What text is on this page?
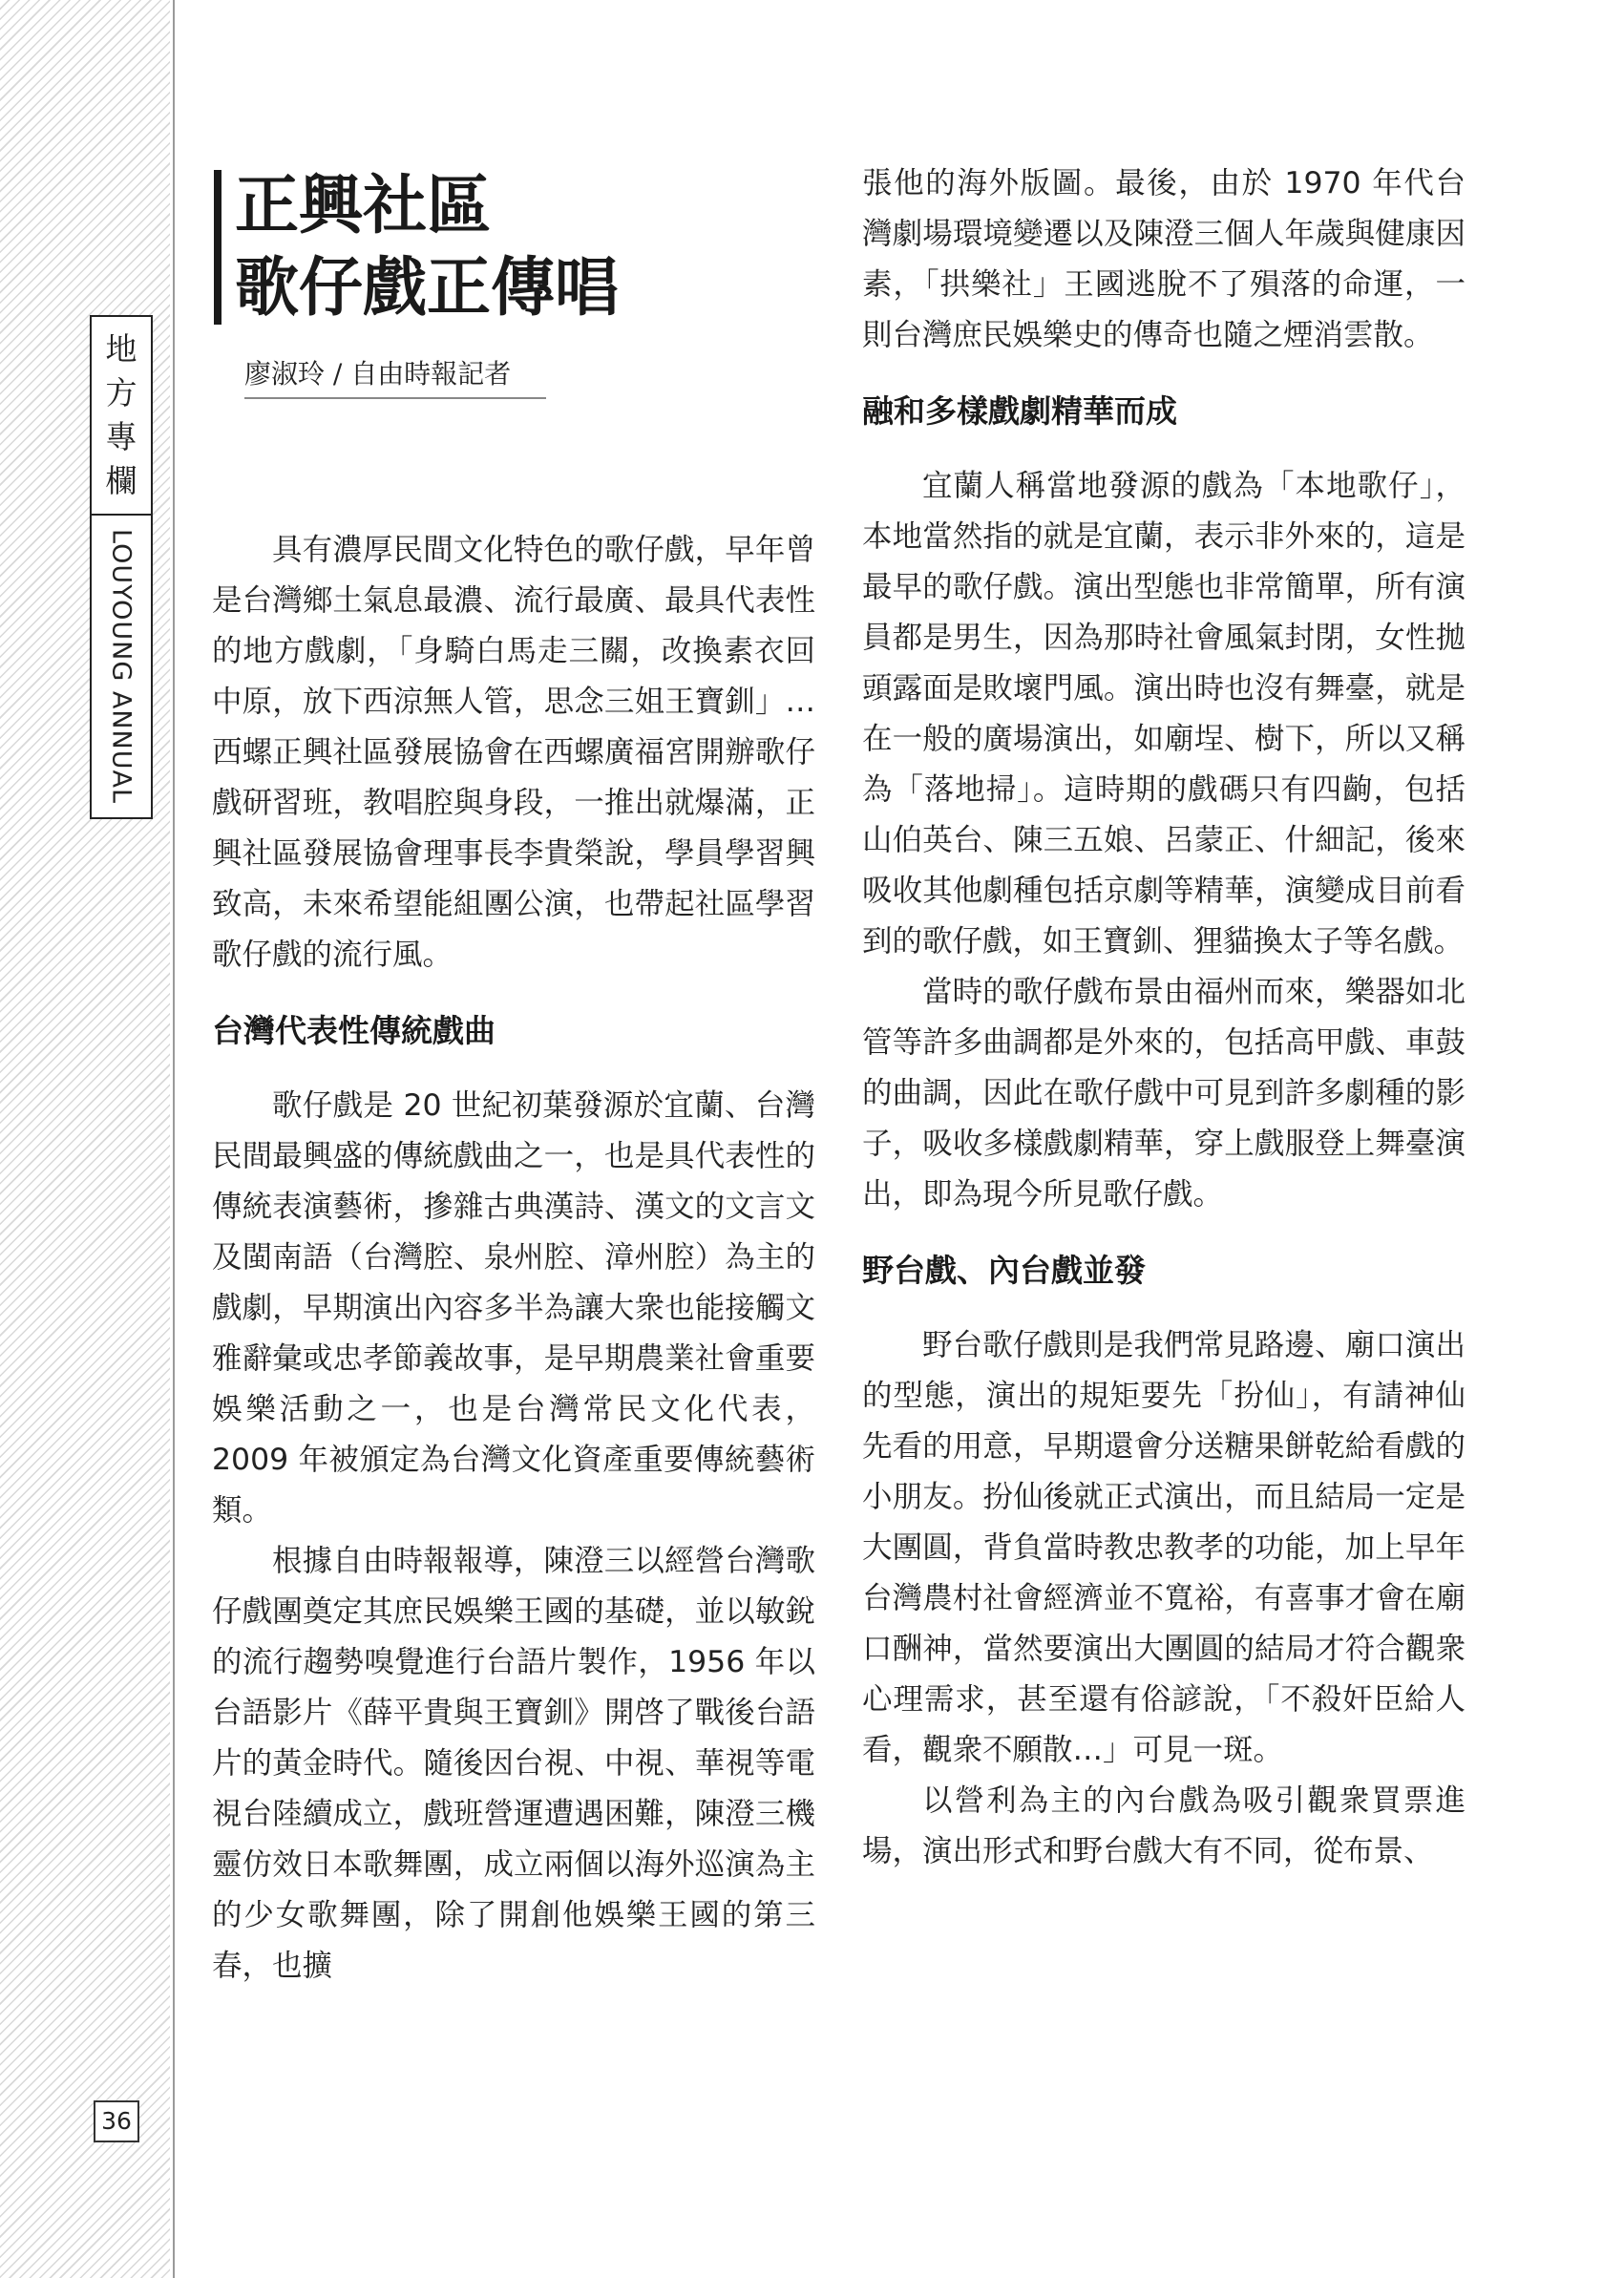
地
方
專
欄
LOUYOUNG ANNUAL
36
正興社區
歌仔戲正傳唱
廖淑玲 / 自由時報記者

具有濃厚民間文化特色的歌仔戲，早年曾是台灣鄉土氣息最濃、流行最廣、最具代表性的地方戲劇，「身騎白馬走三關，改換素衣回中原，放下西涼無人管，思念三姐王寶釧」…西螺正興社區發展協會在西螺廣福宮開辦歌仔戲研習班，教唱腔與身段，一推出就爆滿，正興社區發展協會理事長李貴榮說，學員學習興致高，未來希望能組團公演，也帶起社區學習歌仔戲的流行風。

台灣代表性傳統戲曲

歌仔戲是 20 世紀初葉發源於宜蘭、台灣民間最興盛的傳統戲曲之一，也是具代表性的傳統表演藝術，摻雜古典漢詩、漢文的文言文及閩南語（台灣腔、泉州腔、漳州腔）為主的戲劇，早期演出內容多半為讓大衆也能接觸文雅辭彙或忠孝節義故事，是早期農業社會重要娛樂活動之一，也是台灣常民文化代表，2009 年被頒定為台灣文化資產重要傳統藝術類。

根據自由時報報導，陳澄三以經營台灣歌仔戲團奠定其庶民娛樂王國的基礎，並以敏銳的流行趨勢嗅覺進行台語片製作，1956 年以台語影片《薛平貴與王寶釧》開啓了戰後台語片的黃金時代。隨後因台視、中視、華視等電視台陸續成立，戲班營運遭遇困難，陳澄三機靈仿效日本歌舞團，成立兩個以海外巡演為主的少女歌舞團，除了開創他娛樂王國的第三春，也擴

張他的海外版圖。最後，由於 1970 年代台灣劇場環境變遷以及陳澄三個人年歲與健康因素，「拱樂社」王國逃脫不了殞落的命運，一則台灣庶民娛樂史的傳奇也隨之煙消雲散。

融和多樣戲劇精華而成

宜蘭人稱當地發源的戲為「本地歌仔」，本地當然指的就是宜蘭，表示非外來的，這是最早的歌仔戲。演出型態也非常簡單，所有演員都是男生，因為那時社會風氣封閉，女性拋頭露面是敗壞門風。演出時也沒有舞臺，就是在一般的廣場演出，如廟埕、樹下，所以又稱為「落地掃」。這時期的戲碼只有四齣，包括山伯英台、陳三五娘、呂蒙正、什細記，後來吸收其他劇種包括京劇等精華，演變成目前看到的歌仔戲，如王寶釧、狸貓換太子等名戲。

當時的歌仔戲布景由福州而來，樂器如北管等許多曲調都是外來的，包括高甲戲、車鼓的曲調，因此在歌仔戲中可見到許多劇種的影子，吸收多樣戲劇精華，穿上戲服登上舞臺演出，即為現今所見歌仔戲。

野台戲、內台戲並發

野台歌仔戲則是我們常見路邊、廟口演出的型態，演出的規矩要先「扮仙」，有請神仙先看的用意，早期還會分送糖果餅乾給看戲的小朋友。扮仙後就正式演出，而且結局一定是大團圓，背負當時教忠教孝的功能，加上早年台灣農村社會經濟並不寬裕，有喜事才會在廟口酬神，當然要演出大團圓的結局才符合觀衆心理需求，甚至還有俗諺說，「不殺奸臣給人看，觀衆不願散…」可見一斑。

以營利為主的內台戲為吸引觀衆買票進場，演出形式和野台戲大有不同，從布景、
